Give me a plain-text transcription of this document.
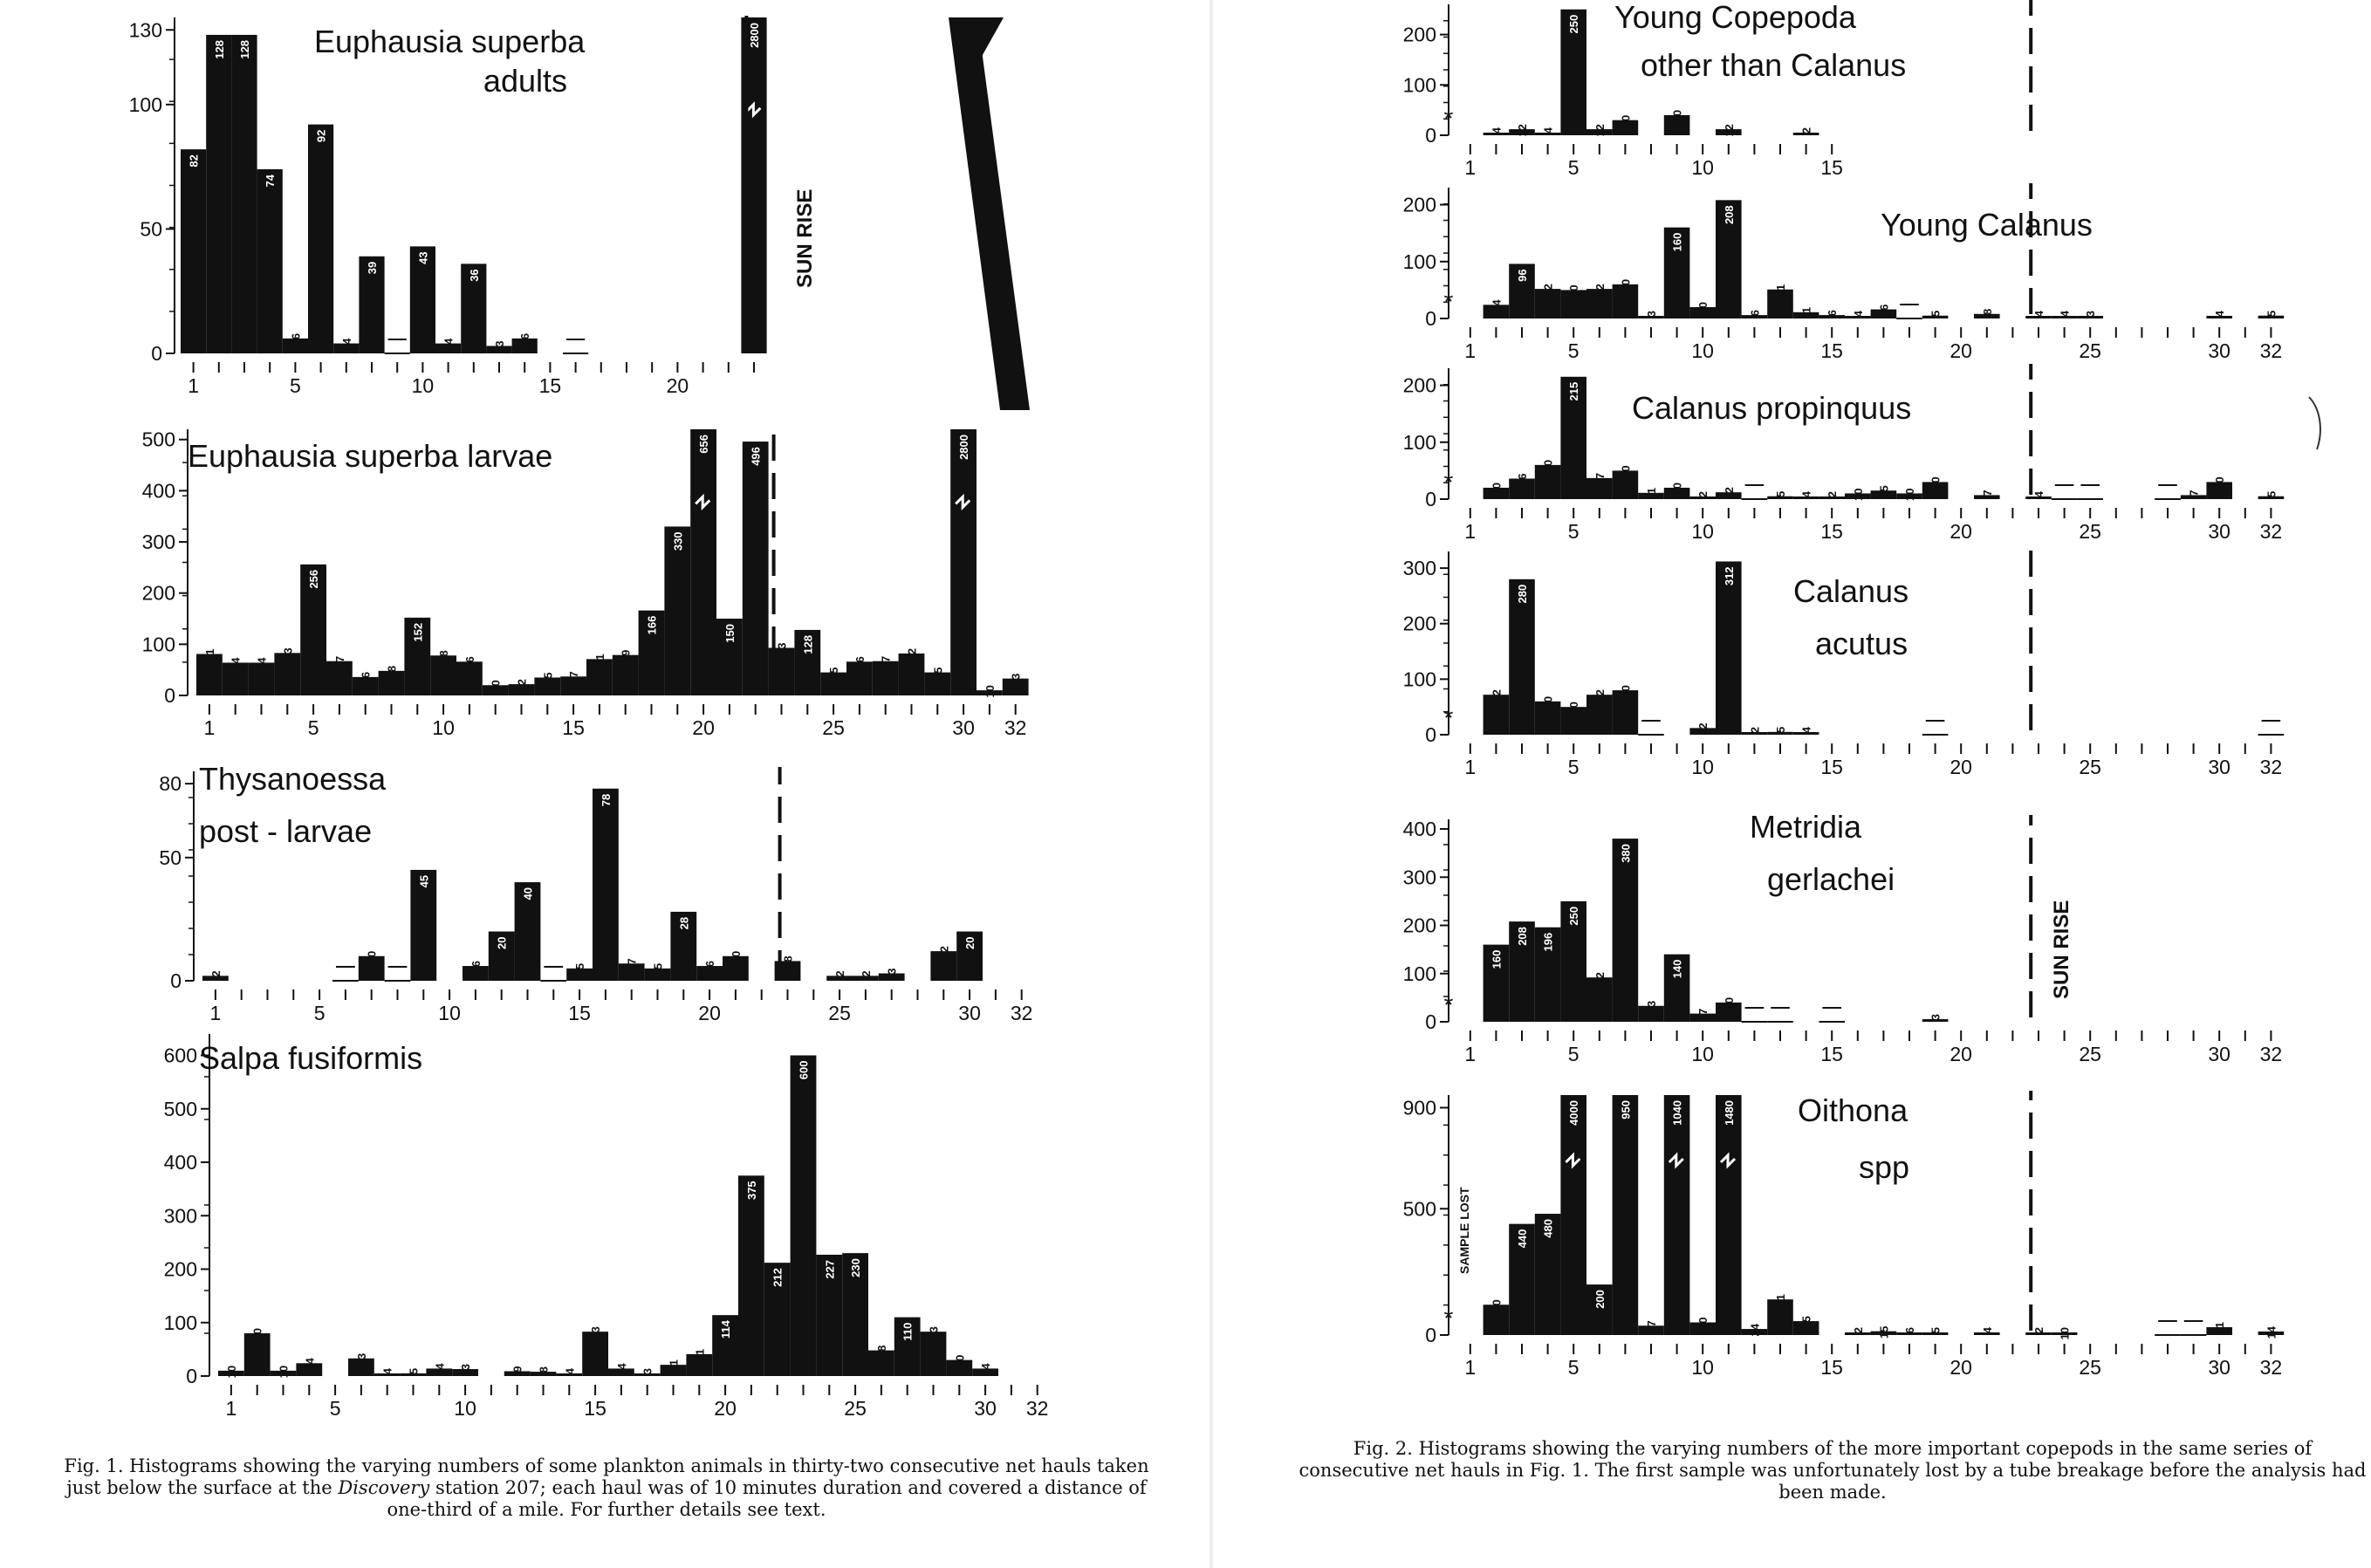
0
50
100
130
1	5	10	15	20
82
128 128
74
6
92
4
39
43
4
36
3
6
2800
Euphausia superba
adults
0
100
200
300
400
500
1	5	10	15	20	25	30 32
81
64 64
83
256
67
36 48
152
78 66
20 22
35 37
71 79
166
330
656
150
496
93 128
45
66 67
82
45
2800
10
33
Euphausia superba larvae
0
50
80
1	5	10	15	20	25	30 32
2
10
45
6
20
40
5
78
7
5
28
6
10	8
2 2 3
12
20
Thysanoessa
post - larvae
0
100
200
300
400
500
600
1	5	10	15	20	25	30 32
10
80
10
24	33
4 5 14 13	9 8 4
83
14 3 21
41
114
375
212
600
227 230
48
110 83
30
14
Salpa fusiformis
0
100
200
1	5	10	15
4 12 4
250
12
30	40
12	2
Young Copepoda
other than Calanus
0
100
200
1	5	10	15	20	25	30 32
24
96
52 50 52 60
3
160
20
208
6
51
11 6 4 16	5	8	4 4 3	4	5
Young Calanus
0
100
200
1	5	10	15	20	25	30 32
20
36
60
215
37
50
11 20 2 12	5 4 2 10 15 10
30
7	4	7
30
5
Calanus propinquus
0
100
200
300
1	5	10	15	20	25	30 32
72
280
60 50
72 80
12
312
2 5 4
Calanus
acutus
0
100
200
300
400
1	5	10	15	20	25	30 32
160
208 196
250
92
380
33
140
17
40
3
Metridia
gerlachei
0
500
900
1	5	10	15	20	25	30 32
120
440
480
4000
200
950
37
1040
50
1480
24
141
55
2 15 6 5	4	2 10	31	14
Oithona
spp
SUN RISE
SUN RISE
SAMPLE LOST
*
*
*
*
*
*
Fig. 1. Histograms showing the varying numbers of some plankton animals in thirty-two consecutive net hauls taken just below the surface at the Discovery station 207; each haul was of 10 minutes duration and covered a distance of one-third of a mile. For further details see text.
Fig. 2. Histograms showing the varying numbers of the more important copepods in the same series of consecutive net hauls in Fig. 1. The first sample was unfortunately lost by a tube breakage before the analysis had been made.
